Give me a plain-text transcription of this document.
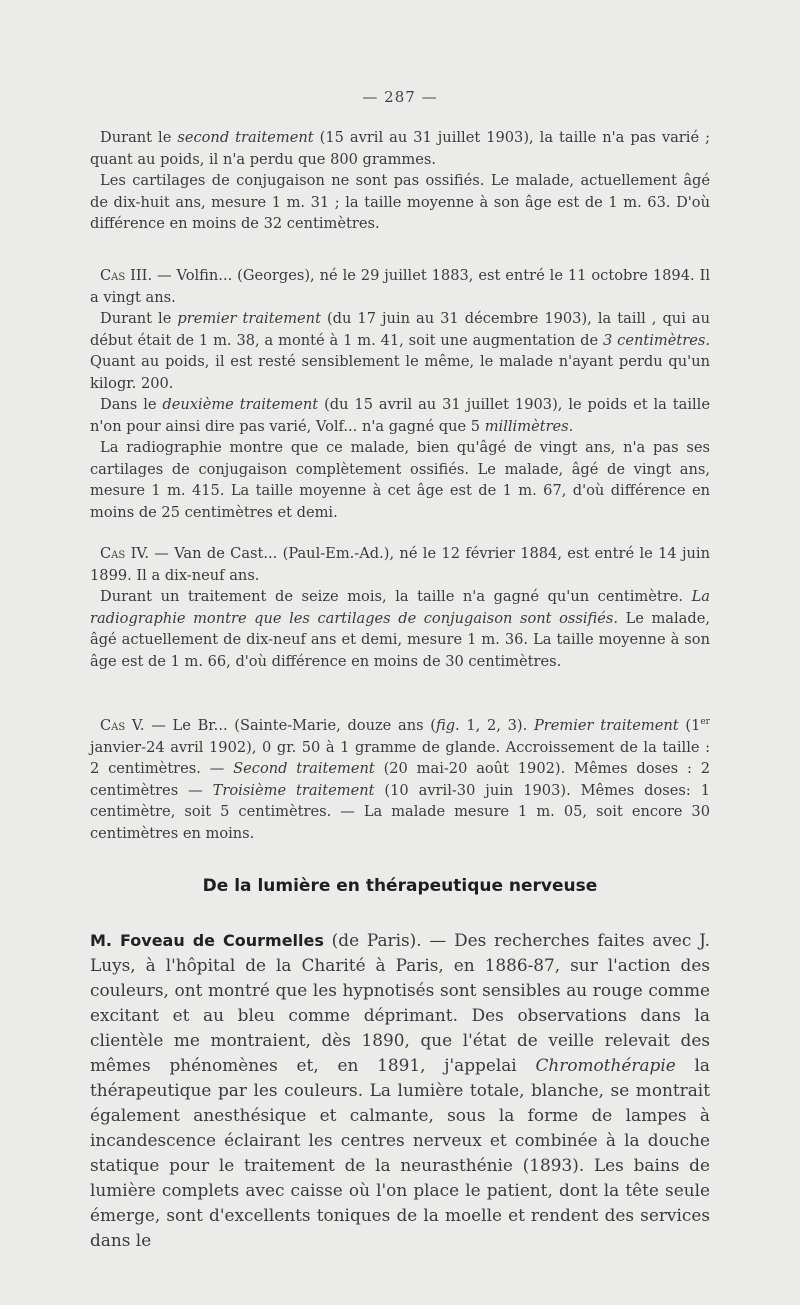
— 287 —

Durant le second traitement (15 avril au 31 juillet 1903), la taille n'a pas varié ; quant au poids, il n'a perdu que 800 grammes.

Les cartilages de conjugaison ne sont pas ossifiés. Le malade, actuellement âgé de dix-huit ans, mesure 1 m. 31 ; la taille moyenne à son âge est de 1 m. 63. D'où différence en moins de 32 centimètres.

Cas III. — Volfin... (Georges), né le 29 juillet 1883, est entré le 11 octobre 1894. Il a vingt ans.

Durant le premier traitement (du 17 juin au 31 décembre 1903), la taill , qui au début était de 1 m. 38, a monté à 1 m. 41, soit une augmentation de 3 centimètres. Quant au poids, il est resté sensiblement le même, le malade n'ayant perdu qu'un kilogr. 200.

Dans le deuxième traitement (du 15 avril au 31 juillet 1903), le poids et la taille n'on pour ainsi dire pas varié, Volf... n'a gagné que 5 millimètres.

La radiographie montre que ce malade, bien qu'âgé de vingt ans, n'a pas ses cartilages de conjugaison complètement ossifiés. Le malade, âgé de vingt ans, mesure 1 m. 415. La taille moyenne à cet âge est de 1 m. 67, d'où différence en moins de 25 centimètres et demi.

Cas IV. — Van de Cast... (Paul-Em.-Ad.), né le 12 février 1884, est entré le 14 juin 1899. Il a dix-neuf ans.

Durant un traitement de seize mois, la taille n'a gagné qu'un centimètre. La radiographie montre que les cartilages de conjugaison sont ossifiés. Le malade, âgé actuellement de dix-neuf ans et demi, mesure 1 m. 36. La taille moyenne à son âge est de 1 m. 66, d'où différence en moins de 30 centimètres.

Cas V. — Le Br... (Sainte-Marie, douze ans (fig. 1, 2, 3). Premier traitement (1er janvier-24 avril 1902), 0 gr. 50 à 1 gramme de glande. Accroissement de la taille : 2 centimètres. — Second traitement (20 mai-20 août 1902). Mêmes doses : 2 centimètres — Troisième traitement (10 avril-30 juin 1903). Mêmes doses: 1 centimètre, soit 5 centimètres. — La malade mesure 1 m. 05, soit encore 30 centimètres en moins.

De la lumière en thérapeutique nerveuse

M. Foveau de Courmelles (de Paris). — Des recherches faites avec J. Luys, à l'hôpital de la Charité à Paris, en 1886-87, sur l'action des couleurs, ont montré que les hypnotisés sont sensibles au rouge comme excitant et au bleu comme déprimant. Des observations dans la clientèle me montraient, dès 1890, que l'état de veille relevait des mêmes phénomènes et, en 1891, j'appelai Chromothérapie la thérapeutique par les couleurs. La lumière totale, blanche, se montrait également anesthésique et calmante, sous la forme de lampes à incandescence éclairant les centres nerveux et combinée à la douche statique pour le traitement de la neurasthénie (1893). Les bains de lumière complets avec caisse où l'on place le patient, dont la tête seule émerge, sont d'excellents toniques de la moelle et rendent des services dans le
